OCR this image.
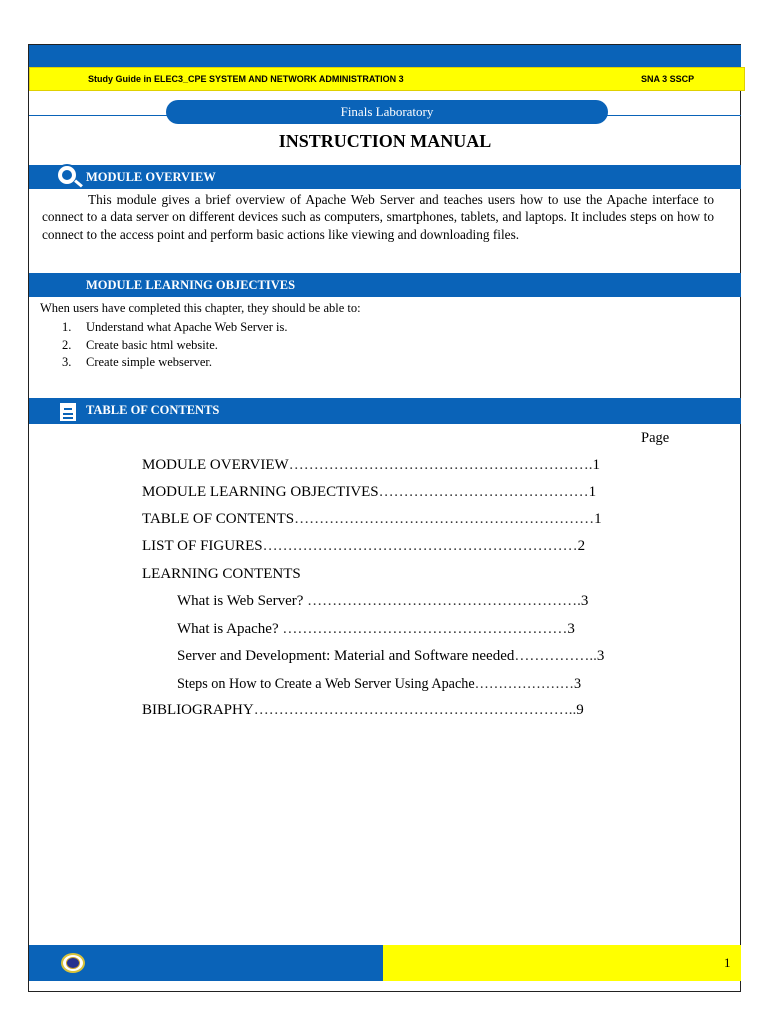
Study Guide in ELEC3_CPE SYSTEM AND NETWORK ADMINISTRATION 3	SNA 3 SSCP
Finals Laboratory
INSTRUCTION MANUAL
MODULE OVERVIEW
This module gives a brief overview of Apache Web Server and teaches users how to use the Apache interface to connect to a data server on different devices such as computers, smartphones, tablets, and laptops. It includes steps on how to connect to the access point and perform basic actions like viewing and downloading files.
MODULE LEARNING OBJECTIVES
When users have completed this chapter, they should be able to:
1. Understand what Apache Web Server is.
2. Create basic html website.
3. Create simple webserver.
TABLE OF CONTENTS
Page
MODULE OVERVIEW…………………………………………………….1
MODULE LEARNING OBJECTIVES……………………………………1
TABLE OF CONTENTS……………………………………………………1
LIST OF FIGURES………………………………………………………2
LEARNING CONTENTS
What is Web Server? ……………………………………………….3
What is Apache? …………………………………………………3
Server and Development: Material and Software needed……………..3
Steps on How to Create a Web Server Using Apache…………………3
BIBLIOGRAPHY………………………………………………………..9
1
